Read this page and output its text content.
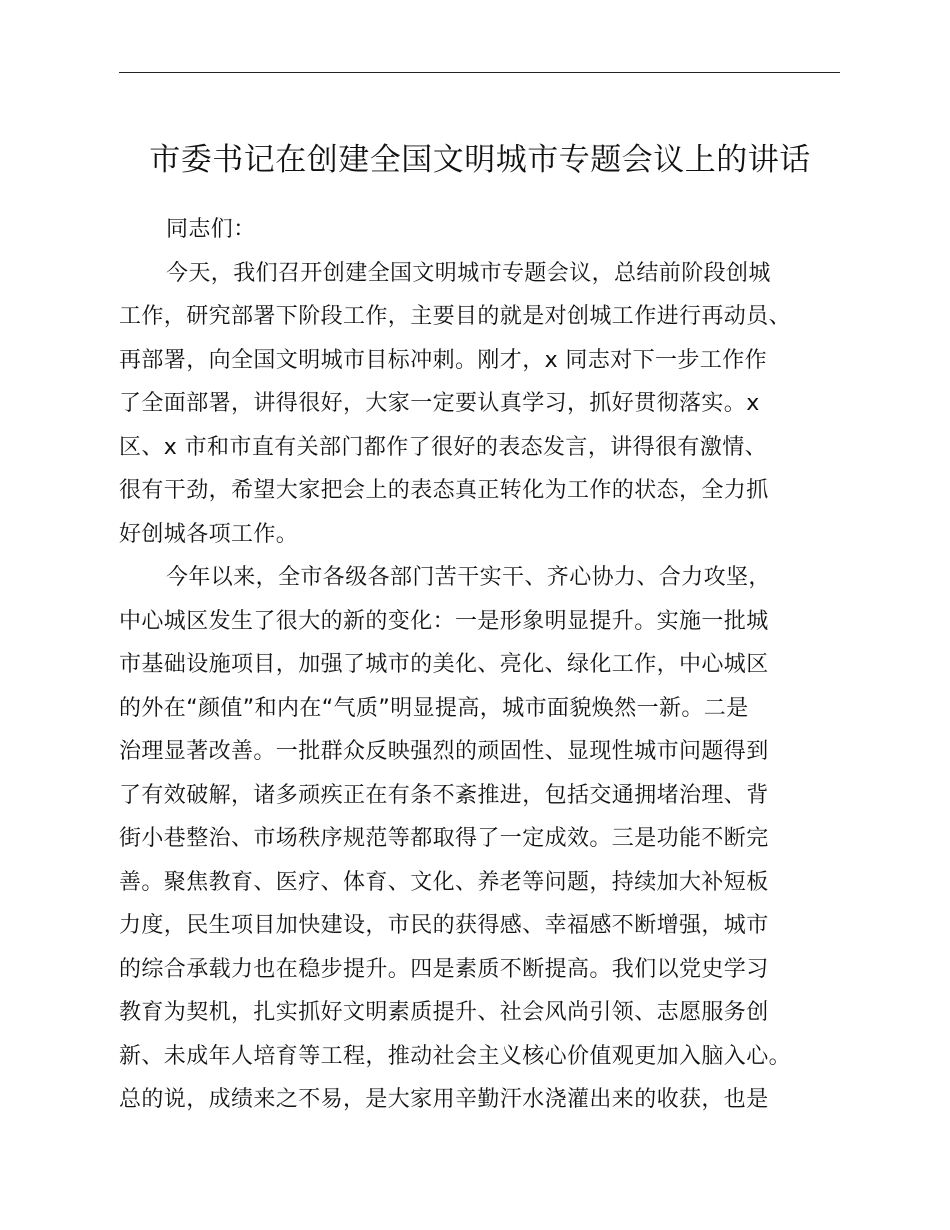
市委书记在创建全国文明城市专题会议上的讲话
同志们：
今天，我们召开创建全国文明城市专题会议，总结前阶段创城
工作，研究部署下阶段工作，主要目的就是对创城工作进行再动员、
再部署，向全国文明城市目标冲刺。刚才，x 同志对下一步工作作
了全面部署，讲得很好，大家一定要认真学习，抓好贯彻落实。x
区、x 市和市直有关部门都作了很好的表态发言，讲得很有激情、
很有干劲，希望大家把会上的表态真正转化为工作的状态，全力抓
好创城各项工作。
今年以来，全市各级各部门苦干实干、齐心协力、合力攻坚，
中心城区发生了很大的新的变化：一是形象明显提升。实施一批城
市基础设施项目，加强了城市的美化、亮化、绿化工作，中心城区
的外在“颜值”和内在“气质”明显提高，城市面貌焕然一新。二是
治理显著改善。一批群众反映强烈的顽固性、显现性城市问题得到
了有效破解，诸多顽疾正在有条不紊推进，包括交通拥堵治理、背
街小巷整治、市场秩序规范等都取得了一定成效。三是功能不断完
善。聚焦教育、医疗、体育、文化、养老等问题，持续加大补短板
力度，民生项目加快建设，市民的获得感、幸福感不断增强，城市
的综合承载力也在稳步提升。四是素质不断提高。我们以党史学习
教育为契机，扎实抓好文明素质提升、社会风尚引领、志愿服务创
新、未成年人培育等工程，推动社会主义核心价值观更加入脑入心。
总的说，成绩来之不易，是大家用辛勤汗水浇灌出来的收获，也是
